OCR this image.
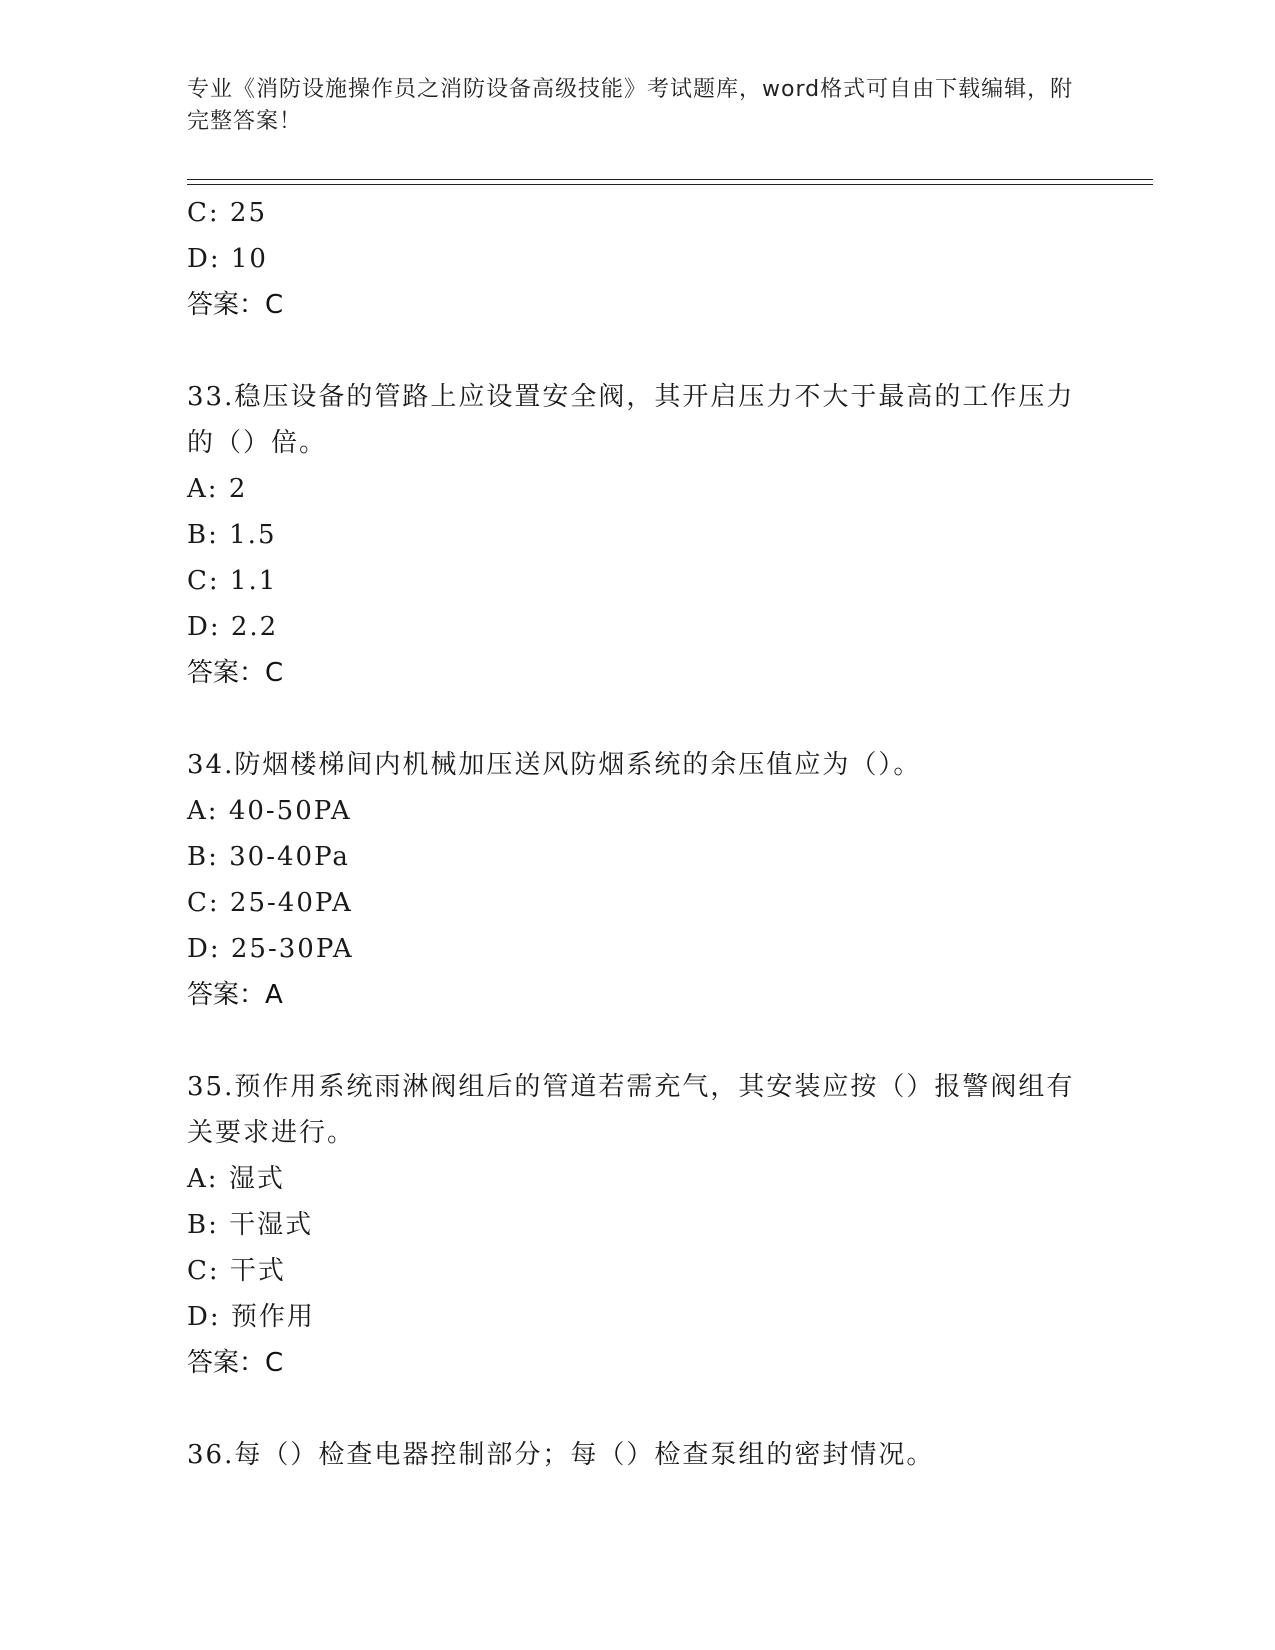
专业《消防设施操作员之消防设备高级技能》考试题库，word格式可自由下载编辑，附完整答案！
C: 25
D: 10
答案：C
33.稳压设备的管路上应设置安全阀，其开启压力不大于最高的工作压力的（）倍。
A: 2
B: 1.5
C: 1.1
D: 2.2
答案：C
34.防烟楼梯间内机械加压送风防烟系统的余压值应为（）。
A: 40-50PA
B: 30-40Pa
C: 25-40PA
D: 25-30PA
答案：A
35.预作用系统雨淋阀组后的管道若需充气，其安装应按（）报警阀组有关要求进行。
A: 湿式
B: 干湿式
C: 干式
D: 预作用
答案：C
36.每（）检查电器控制部分；每（）检查泵组的密封情况。
